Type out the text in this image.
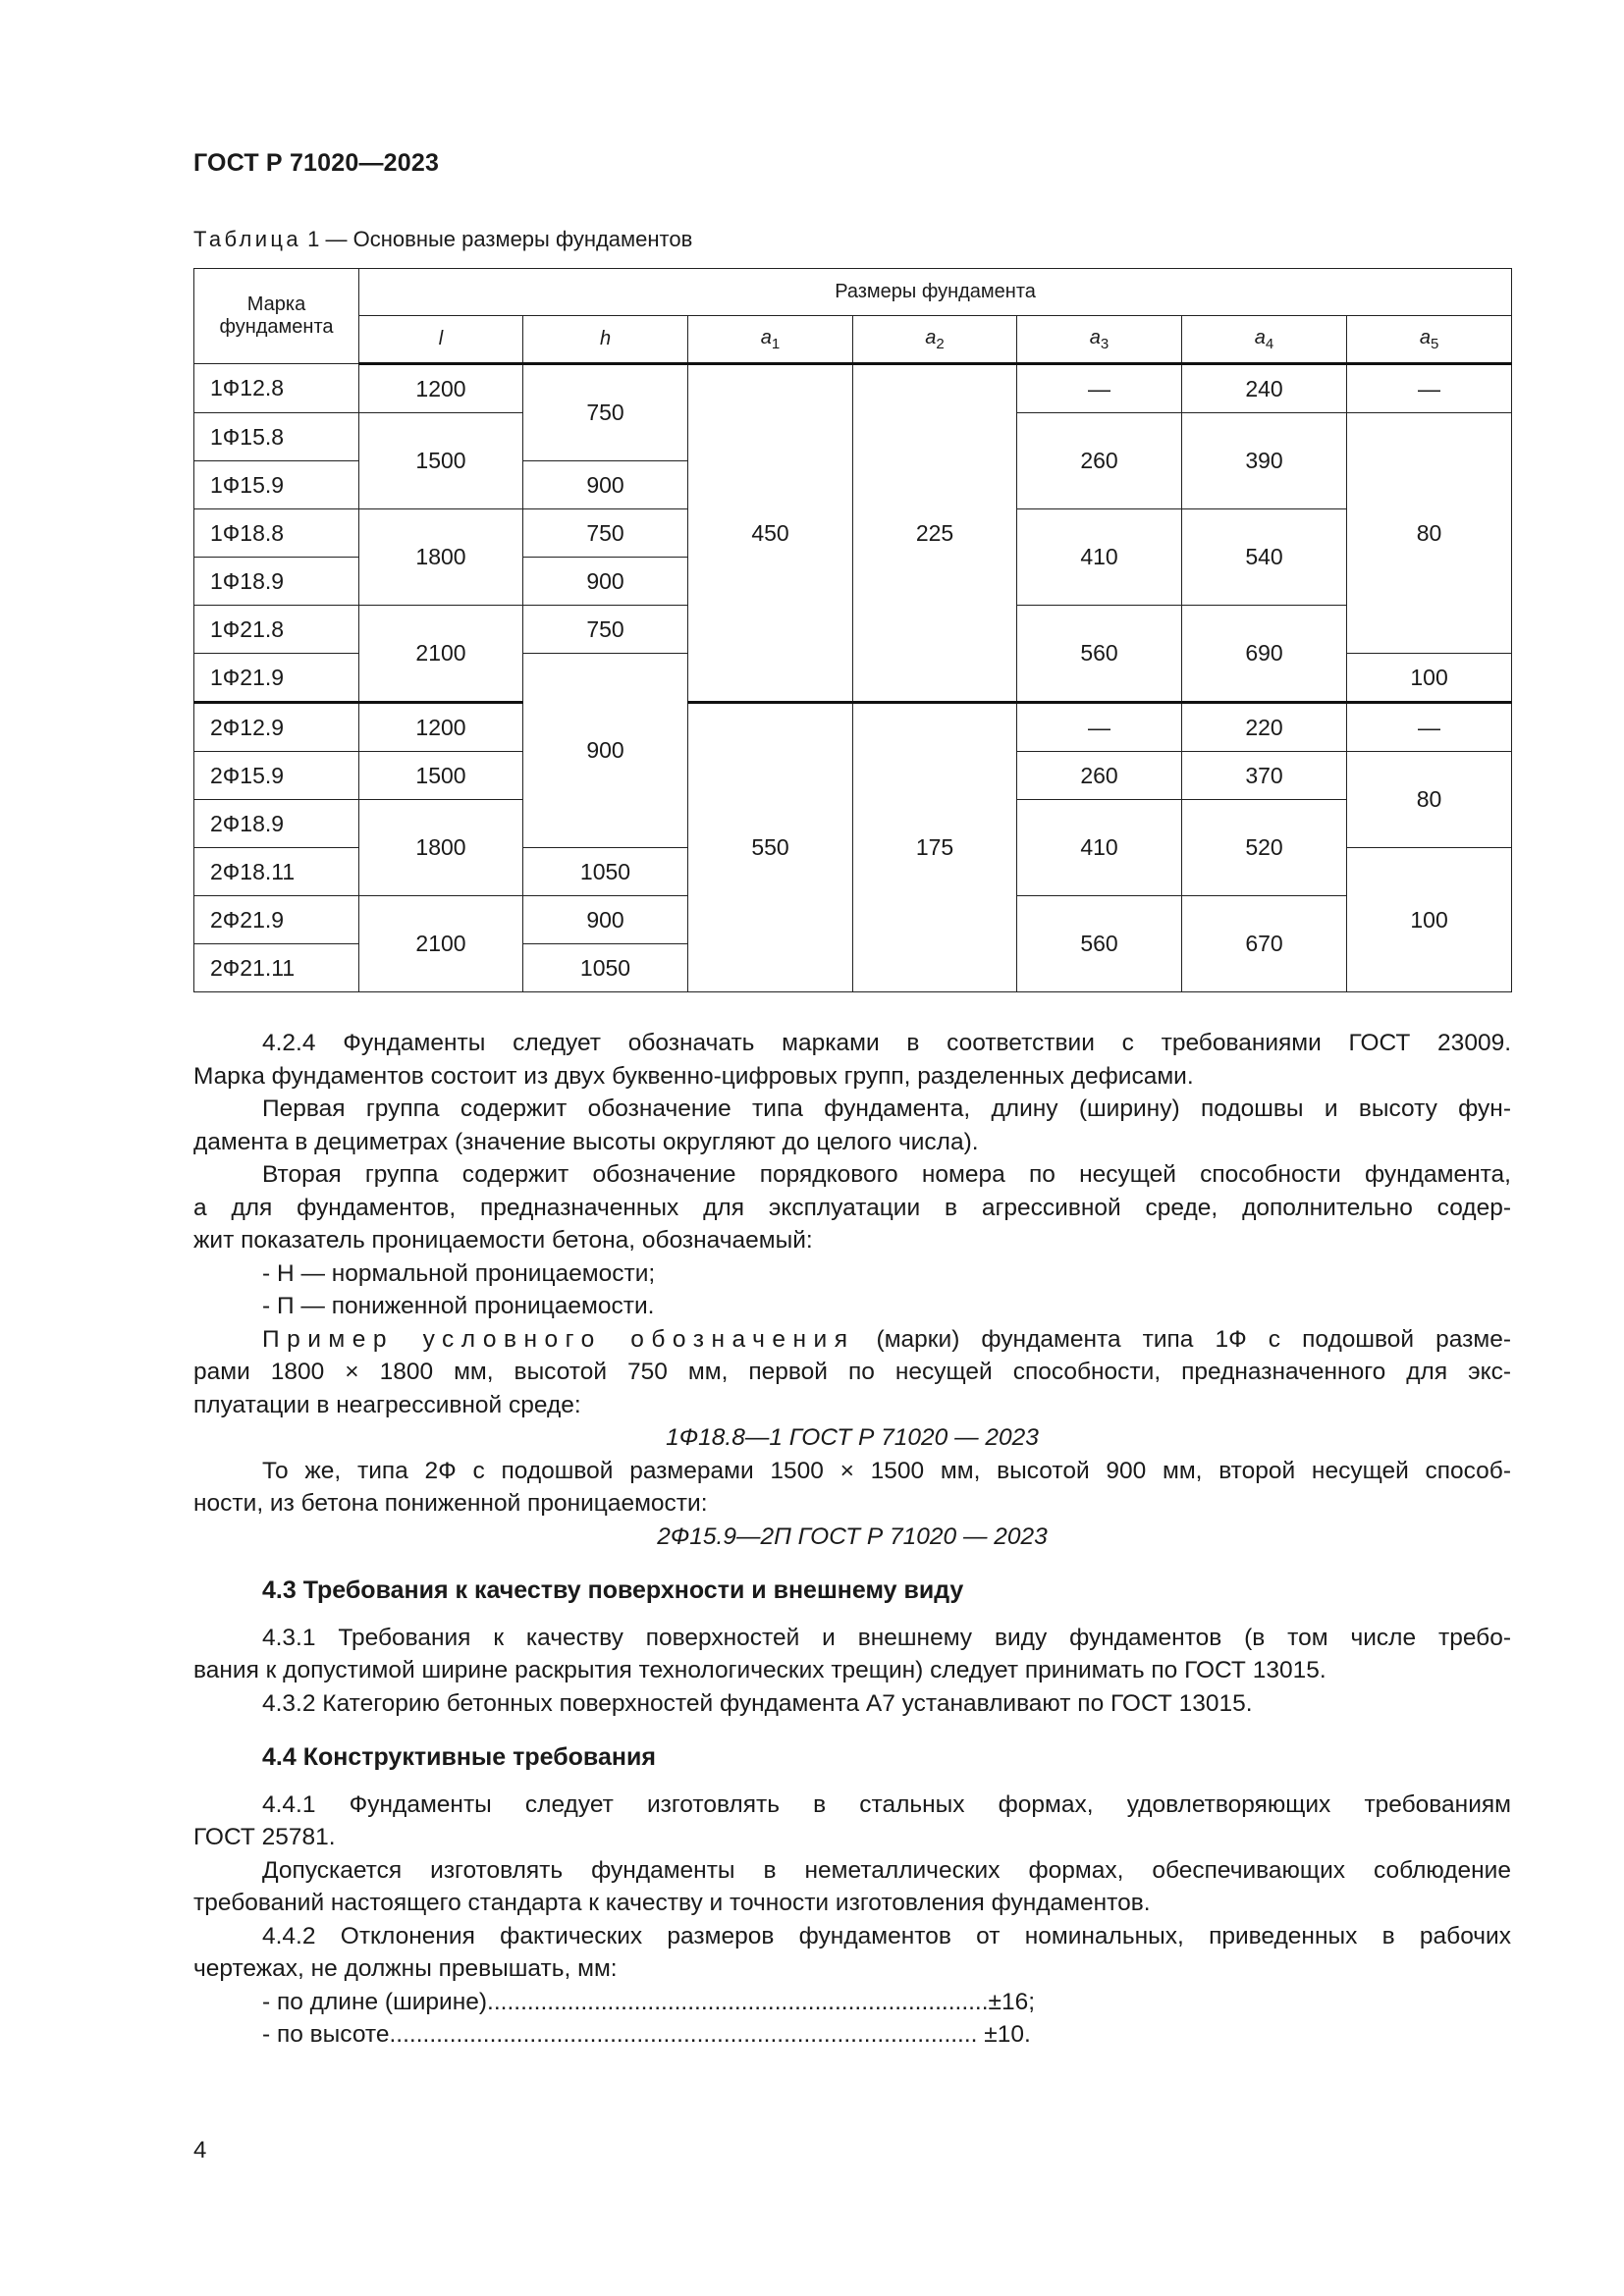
ГОСТ Р 71020—2023
Таблица 1 — Основные размеры фундаментов
Марка фундамента	Размеры фундамента						
	l	h	$a_1$	$a_2$	$a_3$	$a_4$	$a_5$
1Ф12.8	1200	750	450	225	—	240	—
1Ф15.8	1500				260	390	80
1Ф15.9		900					
1Ф18.8	1800	750			410	540	
1Ф18.9		900					
1Ф21.8	2100	750			560	690	
1Ф21.9		900					100
2Ф12.9	1200		550	175	—	220	—
2Ф15.9	1500				260	370	80
2Ф18.9	1800				410	520	
2Ф18.11		1050					100
2Ф21.9	2100	900			560	670	
2Ф21.11		1050					

4.2.4 Фундаменты следует обозначать марками в соответствии с требованиями ГОСТ 23009.

Марка фундаментов состоит из двух буквенно-цифровых групп, разделенных дефисами.

Первая группа содержит обозначение типа фундамента, длину (ширину) подошвы и высоту фун-

дамента в дециметрах (значение высоты округляют до целого числа).

Вторая группа содержит обозначение порядкового номера по несущей способности фундамента,

а для фундаментов, предназначенных для эксплуатации в агрессивной среде, дополнительно содер-

жит показатель проницаемости бетона, обозначаемый:

- Н — нормальной проницаемости;

- П — пониженной проницаемости.

Пример условного обозначения (марки) фундамента типа 1Ф с подошвой разме-

рами 1800 × 1800 мм, высотой 750 мм, первой по несущей способности, предназначенного для экс-

плуатации в неагрессивной среде:

1Ф18.8—1 ГОСТ Р 71020 — 2023

То же, типа 2Ф с подошвой размерами 1500 × 1500 мм, высотой 900 мм, второй несущей способ-

ности, из бетона пониженной проницаемости:

2Ф15.9—2П ГОСТ Р 71020 — 2023

4.3 Требования к качеству поверхности и внешнему виду

4.3.1 Требования к качеству поверхностей и внешнему виду фундаментов (в том числе требо-

вания к допустимой ширине раскрытия технологических трещин) следует принимать по ГОСТ 13015.

4.3.2 Категорию бетонных поверхностей фундамента А7 устанавливают по ГОСТ 13015.

4.4 Конструктивные требования

4.4.1 Фундаменты следует изготовлять в стальных формах, удовлетворяющих требованиям

ГОСТ 25781.

Допускается изготовлять фундаменты в неметаллических формах, обеспечивающих соблюдение

требований настоящего стандарта к качеству и точности изготовления фундаментов.

4.4.2 Отклонения фактических размеров фундаментов от номинальных, приведенных в рабочих

чертежах, не должны превышать, мм:

- по длине (ширине)...........................................................................±16;

- по высоте........................................................................................ ±10.

4
